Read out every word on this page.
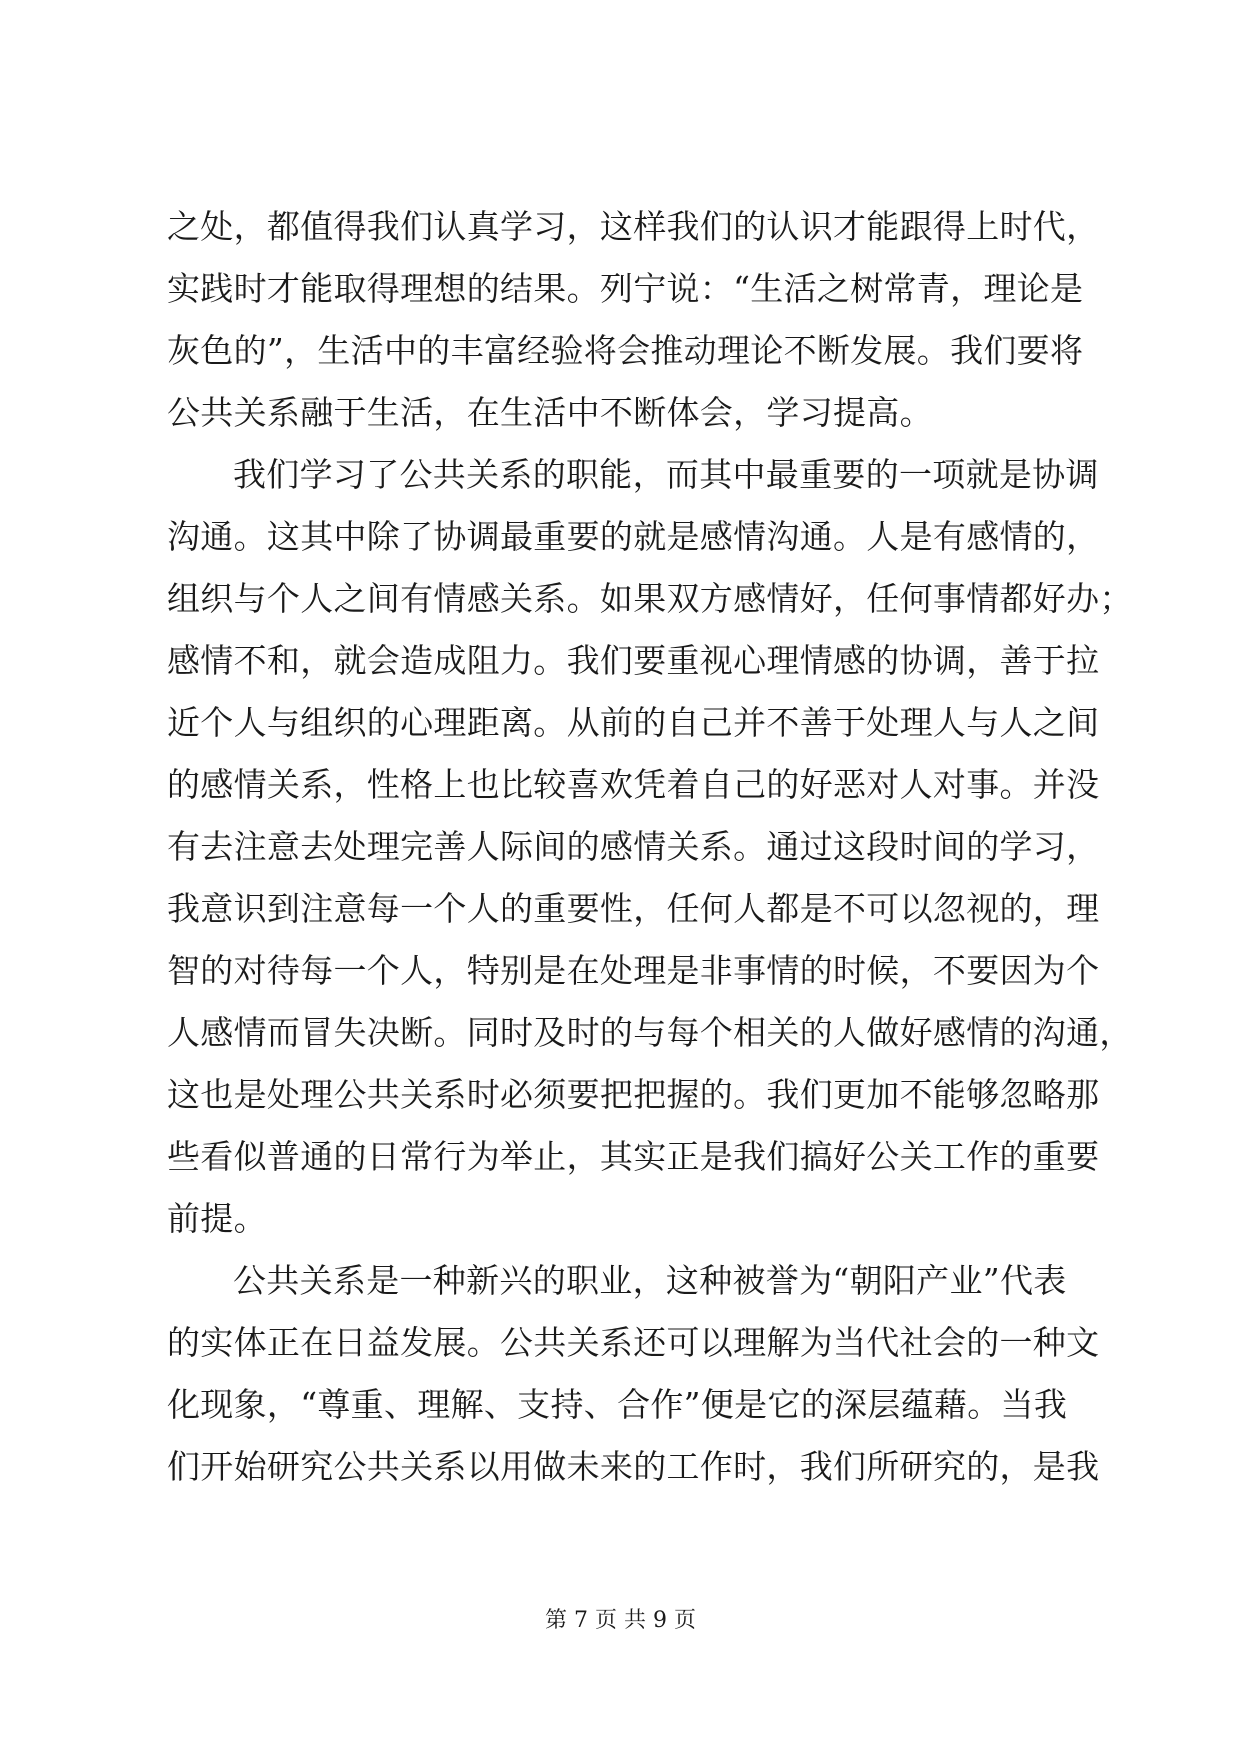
之处，都值得我们认真学习，这样我们的认识才能跟得上时代，
实践时才能取得理想的结果。列宁说：“生活之树常青，理论是
灰色的”，生活中的丰富经验将会推动理论不断发展。我们要将
公共关系融于生活，在生活中不断体会，学习提高。
我们学习了公共关系的职能，而其中最重要的一项就是协调
沟通。这其中除了协调最重要的就是感情沟通。人是有感情的，
组织与个人之间有情感关系。如果双方感情好，任何事情都好办；
感情不和，就会造成阻力。我们要重视心理情感的协调，善于拉
近个人与组织的心理距离。从前的自己并不善于处理人与人之间
的感情关系，性格上也比较喜欢凭着自己的好恶对人对事。并没
有去注意去处理完善人际间的感情关系。通过这段时间的学习，
我意识到注意每一个人的重要性，任何人都是不可以忽视的，理
智的对待每一个人，特别是在处理是非事情的时候，不要因为个
人感情而冒失决断。同时及时的与每个相关的人做好感情的沟通，
这也是处理公共关系时必须要把把握的。我们更加不能够忽略那
些看似普通的日常行为举止，其实正是我们搞好公关工作的重要
前提。
公共关系是一种新兴的职业，这种被誉为“朝阳产业”代表
的实体正在日益发展。公共关系还可以理解为当代社会的一种文
化现象，“尊重、理解、支持、合作”便是它的深层蕴藉。当我
们开始研究公共关系以用做未来的工作时，我们所研究的，是我
第 7 页 共 9 页
